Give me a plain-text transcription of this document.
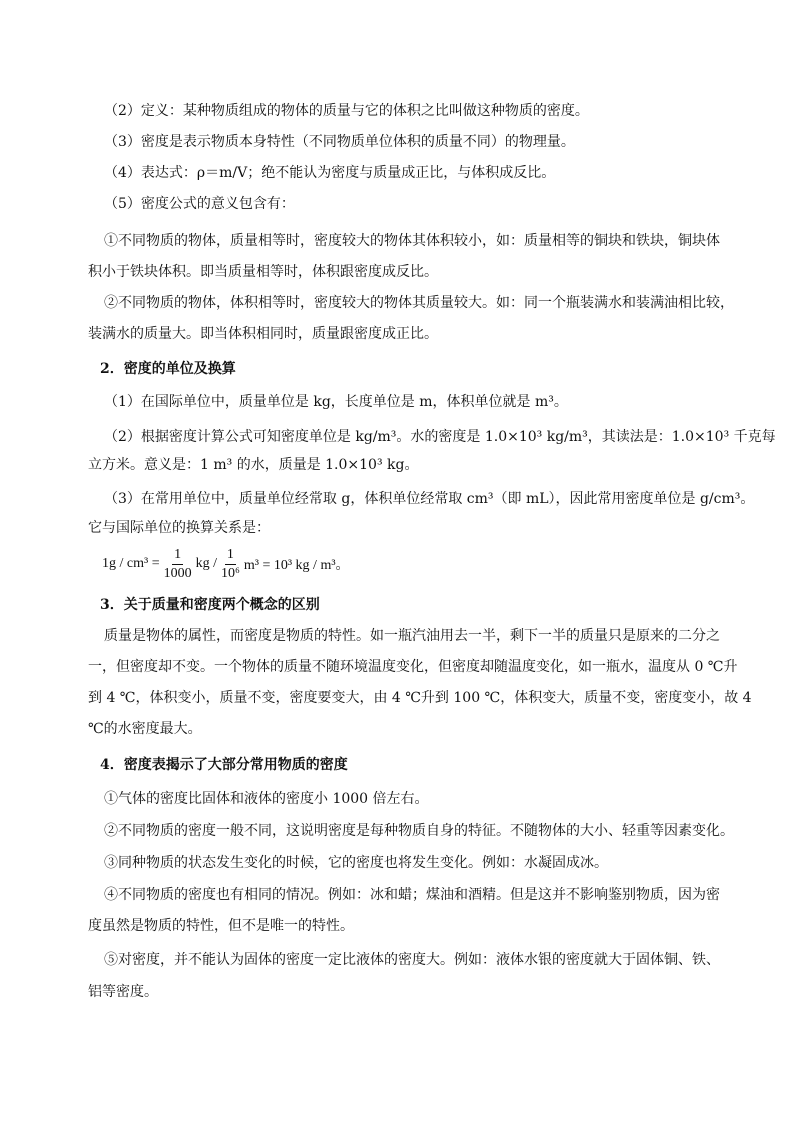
（2）定义：某种物质组成的物体的质量与它的体积之比叫做这种物质的密度。
（3）密度是表示物质本身特性（不同物质单位体积的质量不同）的物理量。
（4）表达式：ρ＝m/V；绝不能认为密度与质量成正比，与体积成反比。
（5）密度公式的意义包含有：
①不同物质的物体，质量相等时，密度较大的物体其体积较小，如：质量相等的铜块和铁块，铜块体
积小于铁块体积。即当质量相等时，体积跟密度成反比。
②不同物质的物体，体积相等时，密度较大的物体其质量较大。如：同一个瓶装满水和装满油相比较，
装满水的质量大。即当体积相同时，质量跟密度成正比。
2．密度的单位及换算
（1）在国际单位中，质量单位是 kg，长度单位是 m，体积单位就是 m³。
（2）根据密度计算公式可知密度单位是 kg/m³。水的密度是 1.0×10³ kg/m³，其读法是：1.0×10³ 千克每
立方米。意义是：1 m³ 的水，质量是 1.0×10³ kg。
（3）在常用单位中，质量单位经常取 g，体积单位经常取 cm³（即 mL），因此常用密度单位是 g/cm³。
它与国际单位的换算关系是：
$1g / cm^3 = \frac{1}{1000}$ kg / $\frac{1}{\text{10⁶}} m^3 = 10^3$ kg / m³。
3．关于质量和密度两个概念的区别
质量是物体的属性，而密度是物质的特性。如一瓶汽油用去一半，剩下一半的质量只是原来的二分之
一，但密度却不变。一个物体的质量不随环境温度变化，但密度却随温度变化，如一瓶水，温度从 0 ℃升
到 4 ℃，体积变小，质量不变，密度要变大，由 4 ℃升到 100 ℃，体积变大，质量不变，密度变小，故 4
℃的水密度最大。
4．密度表揭示了大部分常用物质的密度
①气体的密度比固体和液体的密度小 1000 倍左右。
②不同物质的密度一般不同，这说明密度是每种物质自身的特征。不随物体的大小、轻重等因素变化。
③同种物质的状态发生变化的时候，它的密度也将发生变化。例如：水凝固成冰。
④不同物质的密度也有相同的情况。例如：冰和蜡；煤油和酒精。但是这并不影响鉴别物质，因为密
度虽然是物质的特性，但不是唯一的特性。
⑤对密度，并不能认为固体的密度一定比液体的密度大。例如：液体水银的密度就大于固体铜、铁、
铝等密度。
